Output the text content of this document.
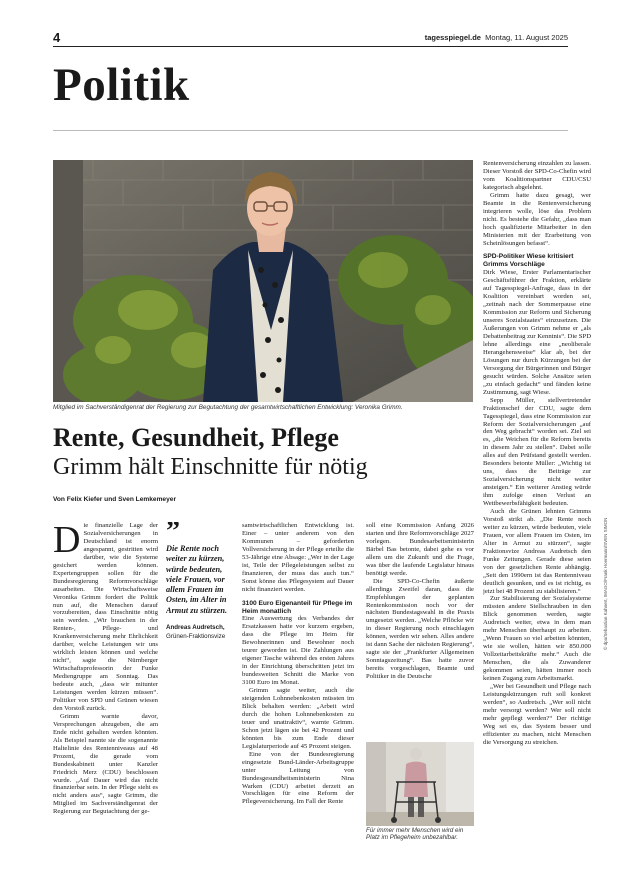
4	tagesspiegel.de Montag, 11. August 2025
Politik
Mitglied im Sachverständigenrat der Regierung zur Begutachtung der gesamtwirtschaftlichen Entwicklung: Veronika Grimm.
Rente, Gesundheit, Pflege
Grimm hält Einschnitte für nötig
Von Felix Kiefer und Sven Lemkemeyer
D ie finanzielle Lage der Sozialversicherungen in Deutschland ist enorm angespannt, gestritten wird darüber, wie die Systeme gesichert werden können. Expertengruppen sollen für die Bundesregierung Reformvorschläge ausarbeiten. Die Wirtschaftsweise Veronika Grimm fordert die Politik nun auf, die Menschen darauf vorzubereiten, dass Einschnitte nötig sein werden. „Wir brauchen in der Renten-, Pflege- und Krankenversicherung mehr Ehrlichkeit darüber, welche Leistungen wir uns wirklich leisten können und welche nicht“, sagte die Nürnberger Wirtschaftsprofessorin der Funke Mediengruppe am Sonntag. Das bedeute auch, „dass wir mitunter Leistungen werden kürzen müssen“. Politiker von SPD und Grünen wiesen den Vorstoß zurück.

Grimm warnte davor, Versprechungen abzugeben, die am Ende nicht gehalten werden könnten. Als Beispiel nannte sie die sogenannte Haltelinie des Rentenniveaus auf 48 Prozent, die gerade vom Bundeskabinett unter Kanzler Friedrich Merz (CDU) beschlossen wurde. „Auf Dauer wird das nicht finanzierbar sein. In der Pflege sieht es nicht anders aus“, sagte Grimm, die Mitglied im Sachverständigenrat der Regierung zur Begutachtung der ge-

”
Die Rente noch weiter zu kürzen, würde bedeuten, viele Frauen, vor allem Frauen im Osten, im Alter in Armut zu stürzen.
Andreas Audretsch,
Grünen-Fraktionsvize

samtwirtschaftlichen Entwicklung ist. Einer – unter anderem von den Kommunen – geforderten Vollversicherung in der Pflege erteilte die 53-Jährige eine Absage: „Wer in der Lage ist, Teile der Pflegeleistungen selbst zu finanzieren, der muss das auch tun.“ Sonst könne das Pflegesystem auf Dauer nicht finanziert werden.

3100 Euro Eigenanteil für Pflege im Heim monatlich

Eine Auswertung des Verbandes der Ersatzkassen hatte vor kurzem ergeben, dass die Pflege im Heim für Bewohnerinnen und Bewohner noch teurer geworden ist. Die Zahlungen aus eigener Tasche während des ersten Jahres in der Einrichtung überschritten jetzt im bundesweiten Schnitt die Marke von 3100 Euro im Monat.

Grimm sagte weiter, auch die steigenden Lohnnebenkosten müssten im Blick behalten werden: „Arbeit wird durch die hohen Lohnnebenkosten zu teuer und unattraktiv“, warnte Grimm. Schon jetzt lägen sie bei 42 Prozent und könnten bis zum Ende dieser Legislaturperiode auf 45 Prozent steigen.

Eine von der Bundesregierung eingesetzte Bund-Länder-Arbeitsgruppe unter Leitung von Bundesgesundheitsministerin Nina Warken (CDU) arbeitet derzeit an Vorschlägen für eine Reform der Pflegeversicherung. Im Fall der Rente

soll eine Kommission Anfang 2026 starten und ihre Reformvorschläge 2027 vorlegen. Bundesarbeitsministerin Bärbel Bas betonte, dabei gehe es vor allem um die Zukunft und die Frage, was über die laufende Legislatur hinaus benötigt werde.

Die SPD-Co-Chefin äußerte allerdings Zweifel daran, dass die Empfehlungen der geplanten Rentenkommission noch vor der nächsten Bundestagswahl in die Praxis umgesetzt werden. „Welche Pflöcke wir in dieser Regierung noch einschlagen können, werden wir sehen. Alles andere ist dann Sache der nächsten Regierung“, sagte sie der „Frankfurter Allgemeinen Sonntagszeitung“. Bas hatte zuvor bereits vorgeschlagen, Beamte und Politiker in die Deutsche

Für immer mehr Menschen wird ein Platz im Pflegeheim unbezahlbar.

Rentenversicherung einzahlen zu lassen. Dieser Vorstoß der SPD-Co-Chefin wird vom Koalitionspartner CDU/CSU kategorisch abgelehnt.

Grimm hatte dazu gesagt, wer Beamte in die Rentenversicherung integrieren wolle, löse das Problem nicht. Es bestehe die Gefahr, „dass man hoch qualifizierte Mitarbeiter in den Ministerien mit der Erarbeitung von Scheinlösungen befasst“.

SPD-Politiker Wiese kritisiert Grimms Vorschläge

Dirk Wiese, Erster Parlamentarischer Geschäftsführer der Fraktion, erklärte auf Tagesspiegel-Anfrage, dass in der Koalition vereinbart worden sei, „zeitnah nach der Sommerpause eine Kommission zur Reform und Sicherung unseres Sozialstaates“ einzusetzen. Die Äußerungen von Grimm nehme er „als Debattenbeitrag zur Kenntnis“. Die SPD lehne allerdings eine „neoliberale Herangehensweise“ klar ab, bei der Lösungen nur durch Kürzungen bei der Versorgung der Bürgerinnen und Bürger gesucht würden. Solche Ansätze seien „zu einfach gedacht“ und fänden keine Zustimmung, sagt Wiese.

Sepp Müller, stellvertretender Fraktionschef der CDU, sagte dem Tagesspiegel, dass eine Kommission zur Reform der Sozialversicherungen „auf den Weg gebracht“ worden sei. Ziel sei es, „die Weichen für die Reform bereits in diesem Jahr zu stellen“. Dabei solle alles auf den Prüfstand gestellt werden. Besonders betonte Müller: „Wichtig ist uns, dass die Beiträge zur Sozialversicherung nicht weiter ansteigen.“ Ein weiterer Anstieg würde ihm zufolge einen Verlust an Wettbewerbsfähigkeit bedeuten.

Auch die Grünen lehnten Grimms Vorstoß strikt ab. „Die Rente noch weiter zu kürzen, würde bedeuten, viele Frauen, vor allem Frauen im Osten, im Alter in Armut zu stürzen“, sagte Fraktionsvize Andreas Audretsch den Funke Zeitungen. Gerade diese seien von der gesetzlichen Rente abhängig. „Seit den 1990ern ist das Rentenniveau deutlich gesunken, und es ist richtig, es jetzt bei 48 Prozent zu stabilisieren.“

Zur Stabilisierung der Sozialsysteme müssten andere Stellschrauben in den Blick genommen werden, sagte Audretsch weiter, etwa in dem man mehr Menschen überhaupt zu arbeiten. „Wenn Frauen so viel arbeiten könnten, wie sie wollen, hätten wir 850.000 Vollzeitarbeitskräfte mehr.“ Auch die Menschen, die als Zuwanderer gekommen seien, hätten immer noch keinen Zugang zum Arbeitsmarkt.

„Wer bei Gesundheit und Pflege nach Leistungskürzungen ruft soll konkret werden“, so Audretsch. „Wer soll nicht mehr versorgt werden? Wer soll nicht mehr gepflegt werden?“ Der richtige Weg sei es, das System besser und effizienter zu machen, nicht Menschen die Versorgung zu streichen.

© dpa/Sebastian Kahnert, IMAGO/Frank Hoermann/SVEN SIMON
